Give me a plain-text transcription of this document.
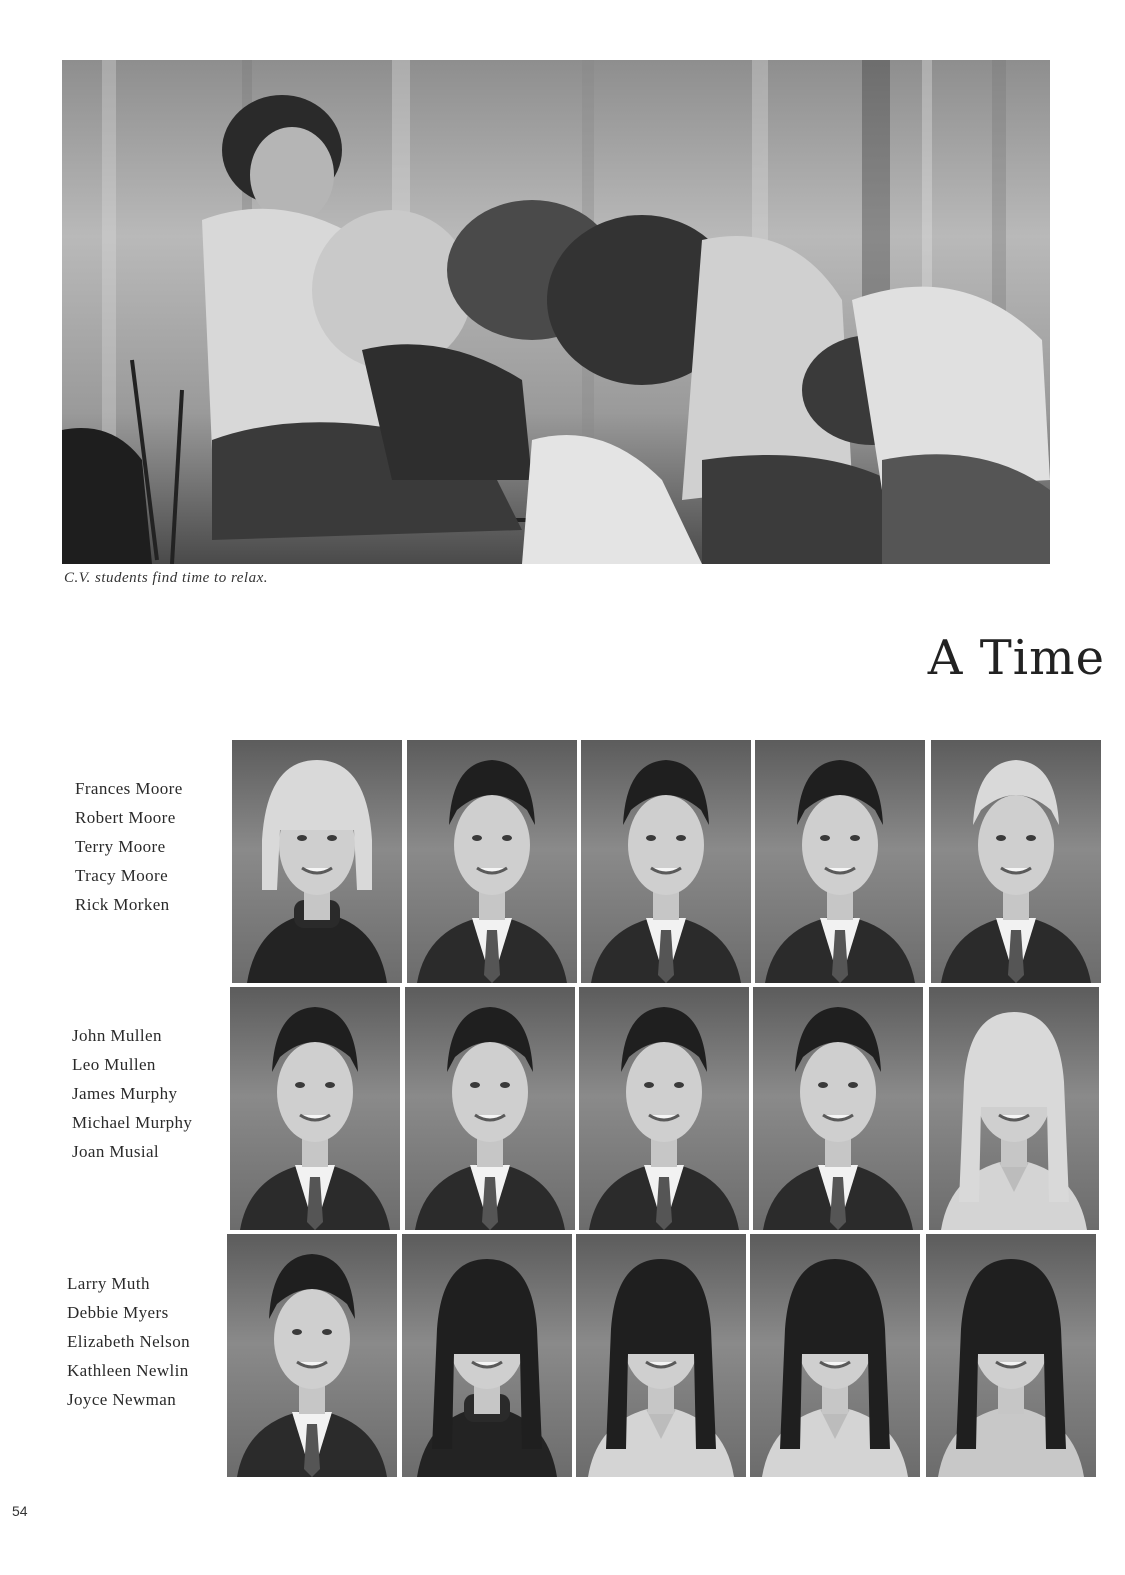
C.V. students find time to relax.
A Time
Frances Moore
Robert Moore
Terry Moore
Tracy Moore
Rick Morken
John Mullen
Leo Mullen
James Murphy
Michael Murphy
Joan Musial
Larry Muth
Debbie Myers
Elizabeth Nelson
Kathleen Newlin
Joyce Newman
54
